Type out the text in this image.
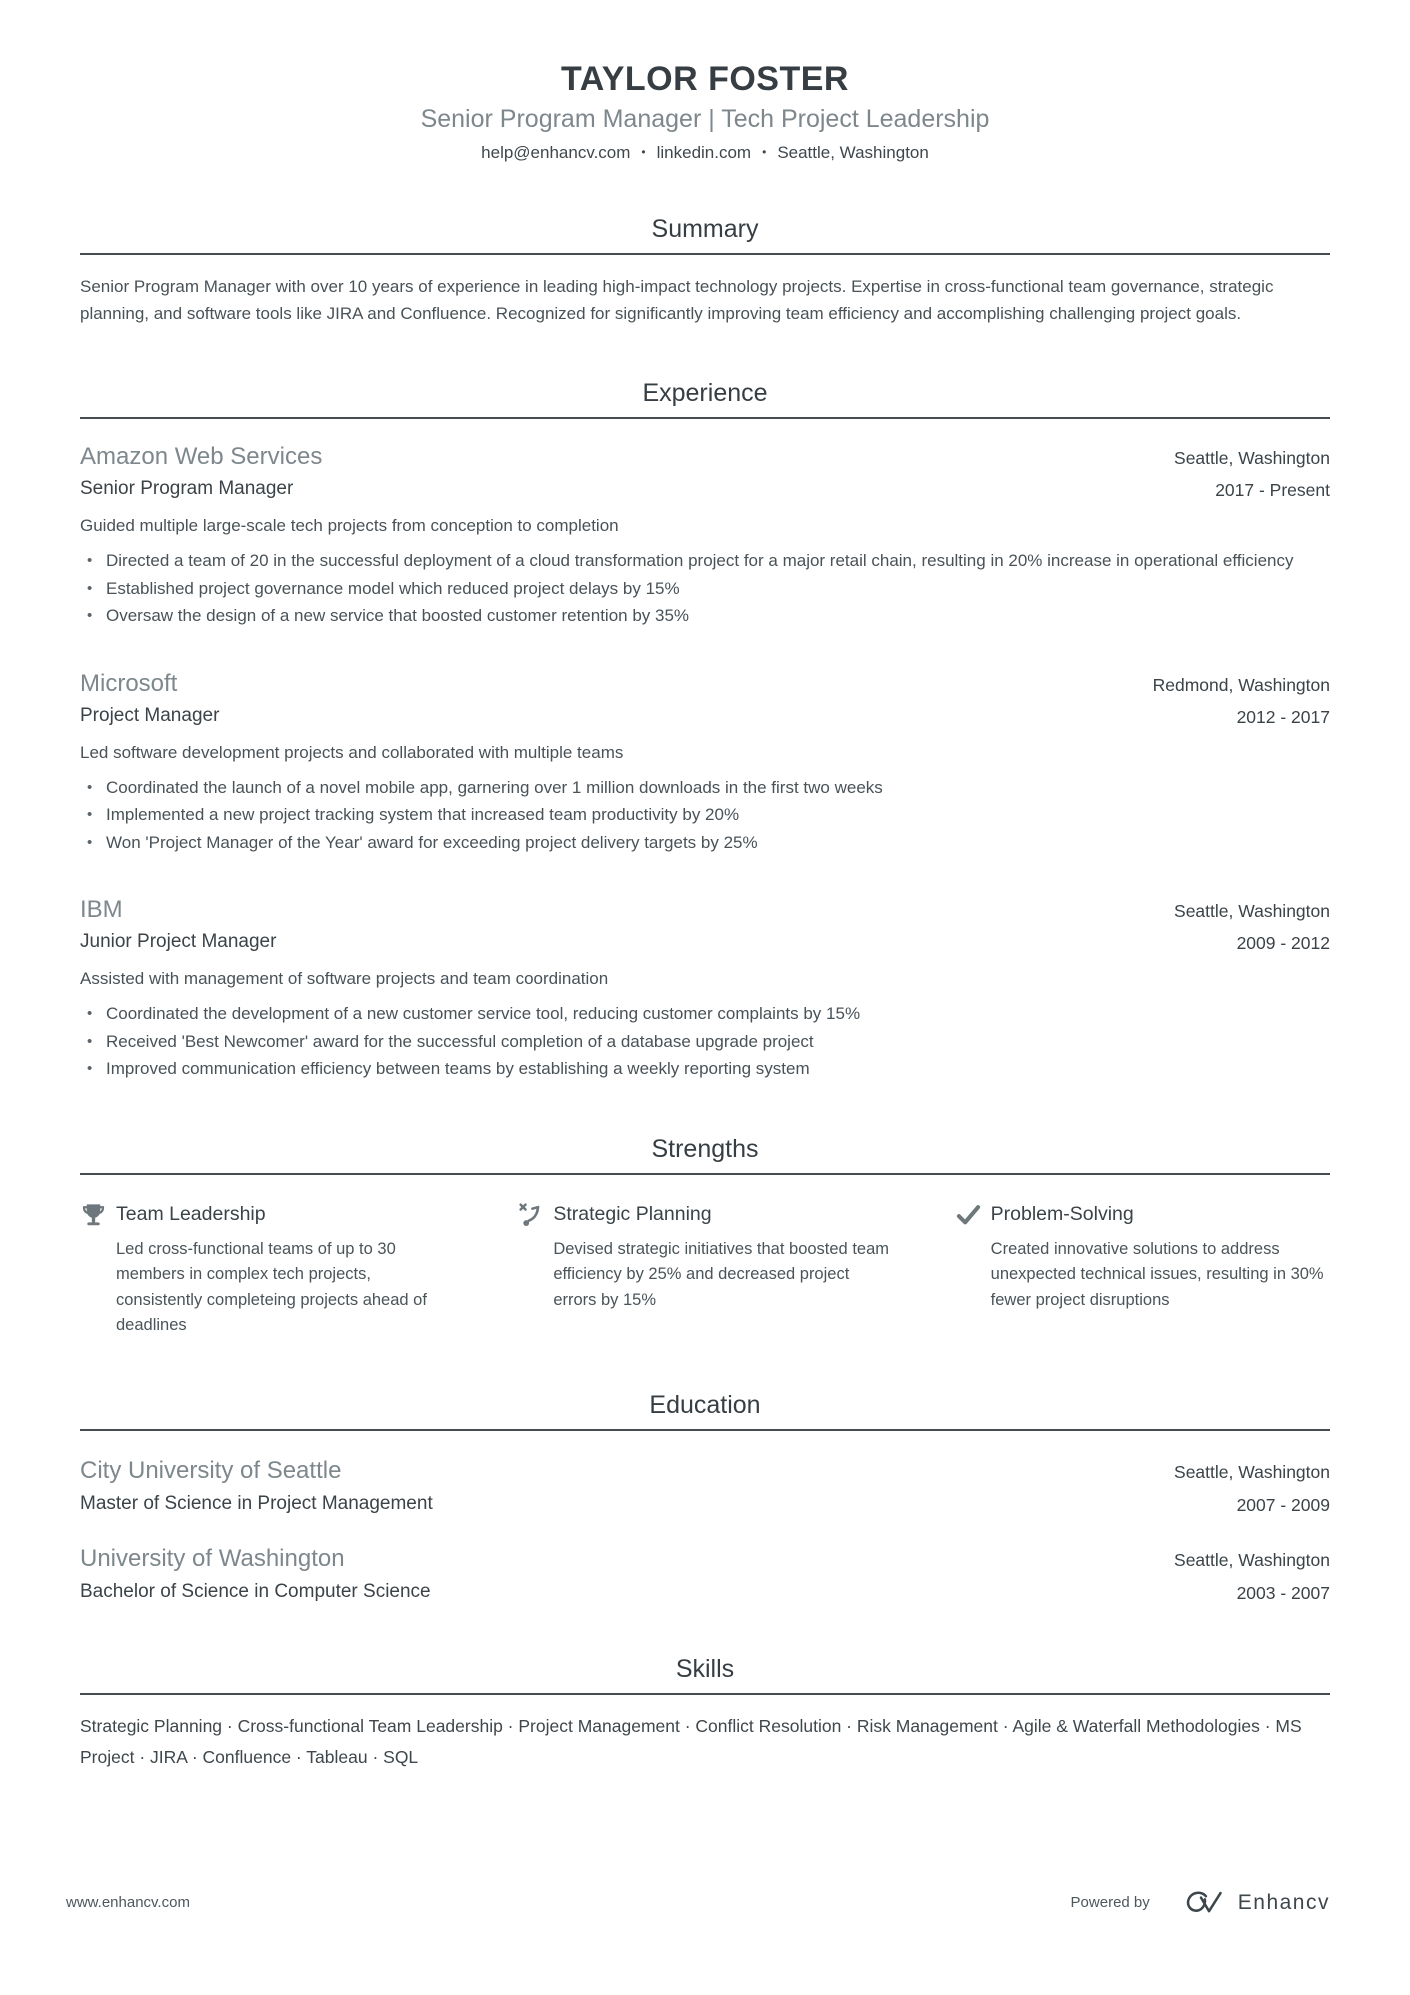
TAYLOR FOSTER
Senior Program Manager | Tech Project Leadership
help@enhancv.com • linkedin.com • Seattle, Washington
Summary

Senior Program Manager with over 10 years of experience in leading high-impact technology projects. Expertise in cross-functional team governance, strategic planning, and software tools like JIRA and Confluence. Recognized for significantly improving team efficiency and accomplishing challenging project goals.

Experience
Amazon Web Services	Seattle, Washington
Senior Program Manager	2017 - Present

Guided multiple large-scale tech projects from conception to completion

• Directed a team of 20 in the successful deployment of a cloud transformation project for a major retail chain, resulting in 20% increase in operational efficiency
• Established project governance model which reduced project delays by 15%
• Oversaw the design of a new service that boosted customer retention by 35%
Microsoft	Redmond, Washington
Project Manager	2012 - 2017

Led software development projects and collaborated with multiple teams

• Coordinated the launch of a novel mobile app, garnering over 1 million downloads in the first two weeks
• Implemented a new project tracking system that increased team productivity by 20%
• Won 'Project Manager of the Year' award for exceeding project delivery targets by 25%
IBM	Seattle, Washington
Junior Project Manager	2009 - 2012

Assisted with management of software projects and team coordination

• Coordinated the development of a new customer service tool, reducing customer complaints by 15%
• Received 'Best Newcomer' award for the successful completion of a database upgrade project
• Improved communication efficiency between teams by establishing a weekly reporting system
Strengths
Team Leadership

Led cross-functional teams of up to 30 members in complex tech projects, consistently completeing projects ahead of deadlines

Strategic Planning

Devised strategic initiatives that boosted team efficiency by 25% and decreased project errors by 15%

Problem-Solving

Created innovative solutions to address unexpected technical issues, resulting in 30% fewer project disruptions

Education
City University of Seattle	Seattle, Washington
Master of Science in Project Management	2007 - 2009
University of Washington	Seattle, Washington
Bachelor of Science in Computer Science	2003 - 2007
Skills

Strategic Planning · Cross-functional Team Leadership · Project Management · Conflict Resolution · Risk Management · Agile & Waterfall Methodologies · MS Project · JIRA · Confluence · Tableau · SQL

www.enhancv.com	Powered by	Enhancv
